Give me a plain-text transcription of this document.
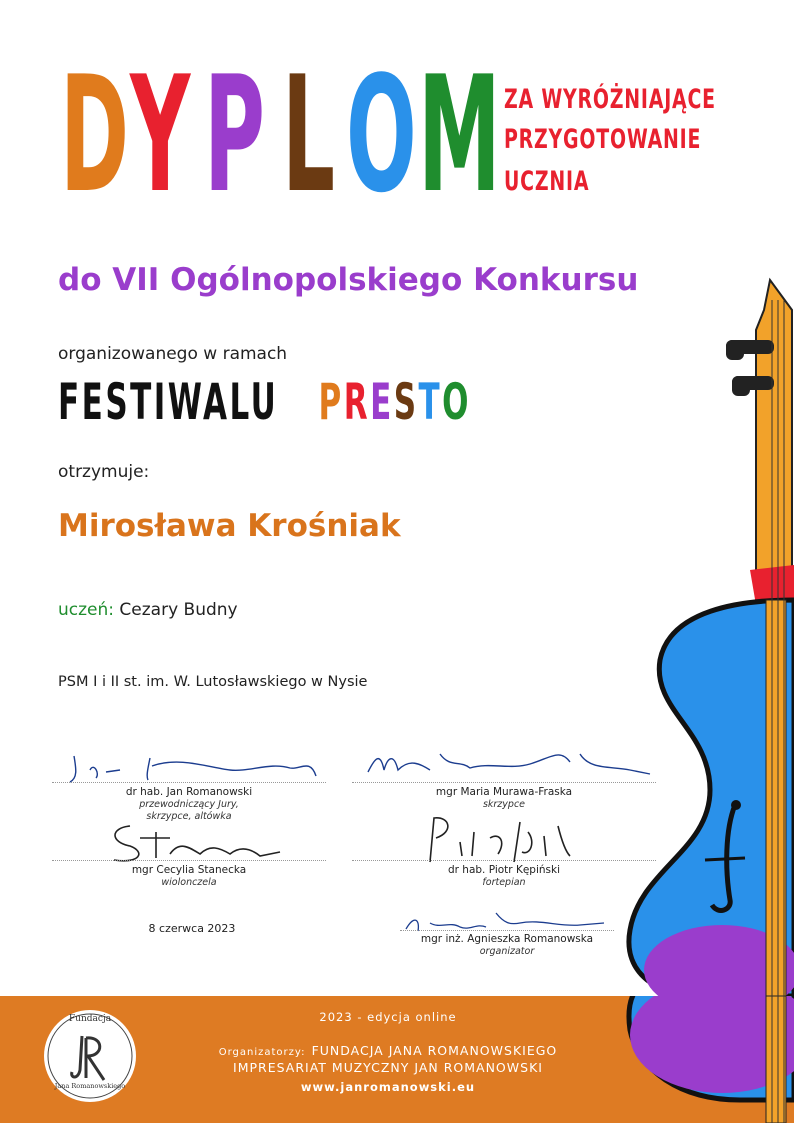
D Y P L O M ZA WYRÓŻNIAJĄCE
PRZYGOTOWANIE
UCZNIA
do VII Ogólnopolskiego Konkursu
organizowanego w ramach
FESTIWALU PRESTO
otrzymuje:
Mirosława Krośniak
uczeń: Cezary Budny
PSM I i II st. im. W. Lutosławskiego w Nysie
dr hab. Jan Romanowski
przewodniczący Jury,
skrzypce, altówka
mgr Maria Murawa-Fraska
skrzypce
mgr Cecylia Stanecka
wiolonczela
dr hab. Piotr Kępiński
fortepian
8 czerwca 2023
mgr inż. Agnieszka Romanowska
organizator
Fundacja
Jana Romanowskiego
2023 - edycja online
Organizatorzy: FUNDACJA JANA ROMANOWSKIEGO
IMPRESARIAT MUZYCZNY JAN ROMANOWSKI
www.janromanowski.eu
